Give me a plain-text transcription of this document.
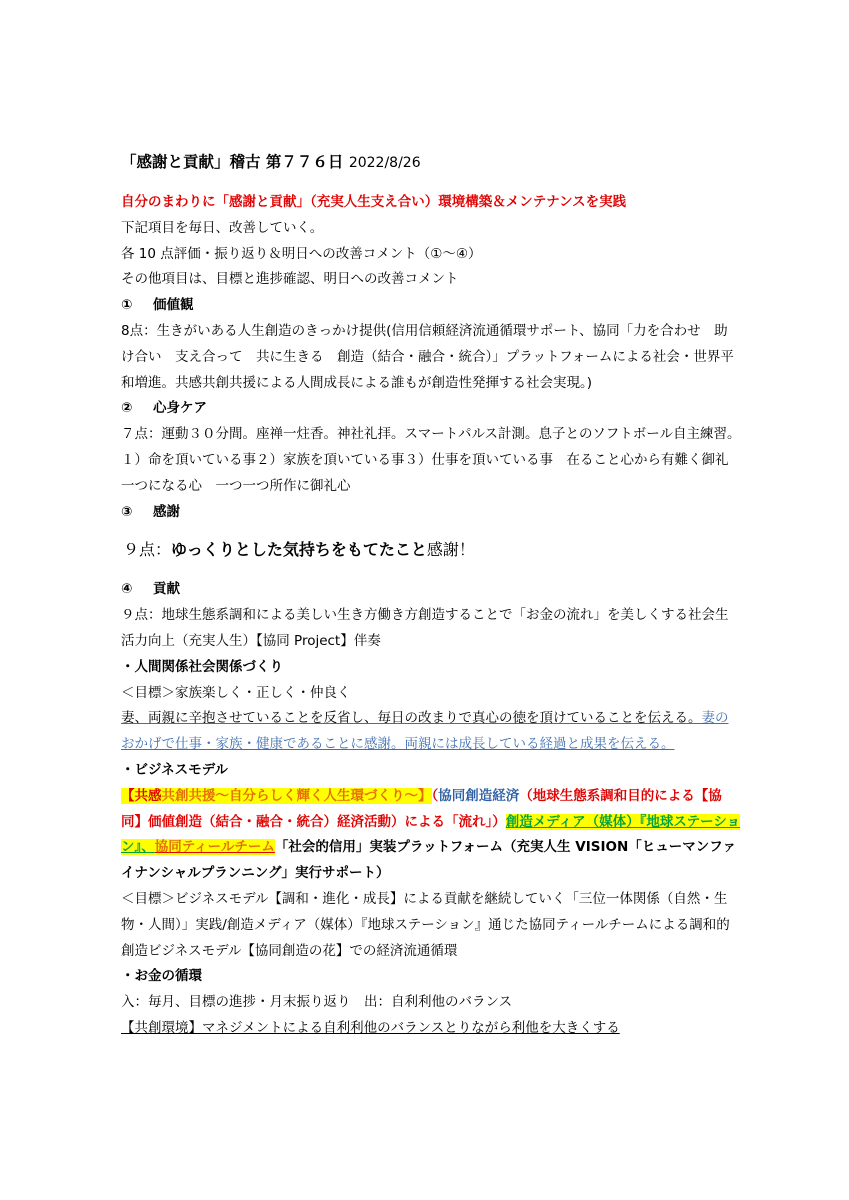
「感謝と貢献」稽古 第７７６日 2022/8/26
自分のまわりに「感謝と貢献」（充実人生支え合い）環境構築＆メンテナンスを実践
下記項目を毎日、改善していく。
各 10 点評価・振り返り＆明日への改善コメント（①～④）
その他項目は、目標と進捗確認、明日への改善コメント
① 価値観
8点：生きがいある人生創造のきっかけ提供(信用信頼経済流通循環サポート、協同「力を合わせ　助け合い　支え合って　共に生きる　創造（結合・融合・統合）」プラットフォームによる社会・世界平和増進。共感共創共援による人間成長による誰もが創造性発揮する社会実現。)
② 心身ケア
７点：運動３０分間。座禅一炷香。神社礼拝。スマートパルス計測。息子とのソフトボール自主練習。１）命を頂いている事２）家族を頂いている事３）仕事を頂いている事　在ること心から有難く御礼　一つになる心　一つ一つ所作に御礼心
③ 感謝
９点：ゆっくりとした気持ちをもてたこと感謝！
④ 貢献
９点：地球生態系調和による美しい生き方働き方創造することで「お金の流れ」を美しくする社会生活力向上（充実人生）【協同 Project】伴奏
・人間関係社会関係づくり
＜目標＞家族楽しく・正しく・仲良く
妻、両親に辛抱させていることを反省し、毎日の改まりで真心の徳を頂けていることを伝える。妻のおかげで仕事・家族・健康であることに感謝。両親には成長している経過と成果を伝える。
・ビジネスモデル
【共感共創共援～自分らしく輝く人生環づくり～】（協同創造経済（地球生態系調和目的による【協同】価値創造（結合・融合・統合）経済活動）による「流れ」）創造メディア（媒体）『地球ステーション』、協同ティールチーム「社会的信用」実装プラットフォーム（充実人生 VISION「ヒューマンファイナンシャルプランニング」実行サポート）
＜目標＞ビジネスモデル【調和・進化・成長】による貢献を継続していく「三位一体関係（自然・生物・人間）」実践/創造メディア（媒体）『地球ステーション』通じた協同ティールチームによる調和的創造ビジネスモデル【協同創造の花】での経済流通循環
・お金の循環
入：毎月、目標の進捗・月末振り返り　出：自利利他のバランス
【共創環境】マネジメントによる自利利他のバランスとりながら利他を大きくする
